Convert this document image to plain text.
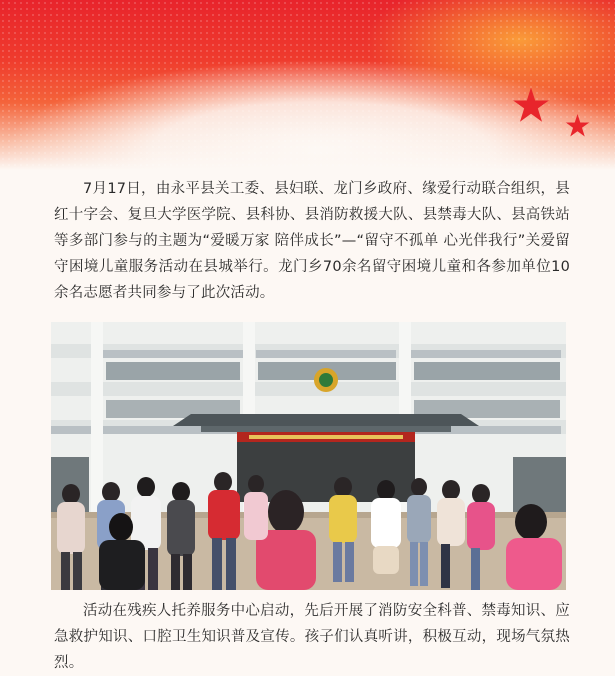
7月17日，由永平县关工委、县妇联、龙门乡政府、缘爱行动联合组织，县红十字会、复旦大学医学院、县科协、县消防救援大队、县禁毒大队、县高铁站等多部门参与的主题为“爱暖万家 陪伴成长”—“留守不孤单 心光伴我行”关爱留守困境儿童服务活动在县城举行。龙门乡70余名留守困境儿童和各参加单位10余名志愿者共同参与了此次活动。
活动在残疾人托养服务中心启动，先后开展了消防安全科普、禁毒知识、应急救护知识、口腔卫生知识普及宣传。孩子们认真听讲，积极互动，现场气氛热烈。
